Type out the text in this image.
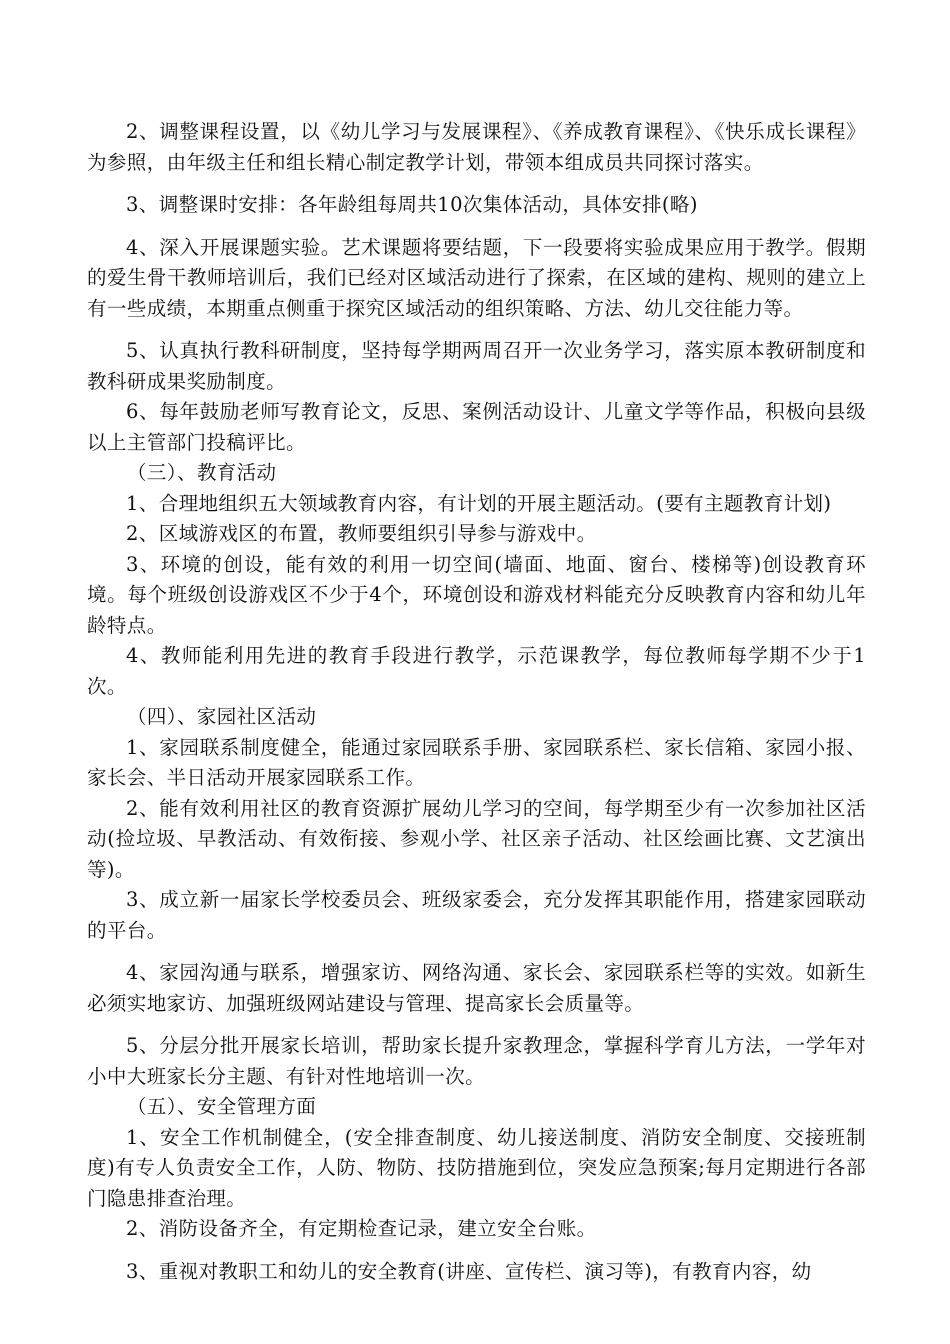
2、调整课程设置，以《幼儿学习与发展课程》、《养成教育课程》、《快乐成长课程》为参照，由年级主任和组长精心制定教学计划，带领本组成员共同探讨落实。

3、调整课时安排：各年龄组每周共10次集体活动，具体安排(略)

4、深入开展课题实验。艺术课题将要结题，下一段要将实验成果应用于教学。假期的爱生骨干教师培训后，我们已经对区域活动进行了探索，在区域的建构、规则的建立上有一些成绩，本期重点侧重于探究区域活动的组织策略、方法、幼儿交往能力等。

5、认真执行教科研制度，坚持每学期两周召开一次业务学习，落实原本教研制度和教科研成果奖励制度。

6、每年鼓励老师写教育论文，反思、案例活动设计、儿童文学等作品，积极向县级以上主管部门投稿评比。

（三）、教育活动

1、合理地组织五大领域教育内容，有计划的开展主题活动。(要有主题教育计划)

2、区域游戏区的布置，教师要组织引导参与游戏中。

3、环境的创设，能有效的利用一切空间(墙面、地面、窗台、楼梯等)创设教育环境。每个班级创设游戏区不少于4个，环境创设和游戏材料能充分反映教育内容和幼儿年龄特点。

4、教师能利用先进的教育手段进行教学，示范课教学，每位教师每学期不少于1次。

（四）、家园社区活动

1、家园联系制度健全，能通过家园联系手册、家园联系栏、家长信箱、家园小报、家长会、半日活动开展家园联系工作。

2、能有效利用社区的教育资源扩展幼儿学习的空间，每学期至少有一次参加社区活动(捡垃圾、早教活动、有效衔接、参观小学、社区亲子活动、社区绘画比赛、文艺演出等)。

3、成立新一届家长学校委员会、班级家委会，充分发挥其职能作用，搭建家园联动的平台。

4、家园沟通与联系，增强家访、网络沟通、家长会、家园联系栏等的实效。如新生必须实地家访、加强班级网站建设与管理、提高家长会质量等。

5、分层分批开展家长培训，帮助家长提升家教理念，掌握科学育儿方法，一学年对小中大班家长分主题、有针对性地培训一次。

（五）、安全管理方面

1、安全工作机制健全，(安全排查制度、幼儿接送制度、消防安全制度、交接班制度)有专人负责安全工作，人防、物防、技防措施到位，突发应急预案;每月定期进行各部门隐患排查治理。

2、消防设备齐全，有定期检查记录，建立安全台账。

3、重视对教职工和幼儿的安全教育(讲座、宣传栏、演习等)，有教育内容，幼
